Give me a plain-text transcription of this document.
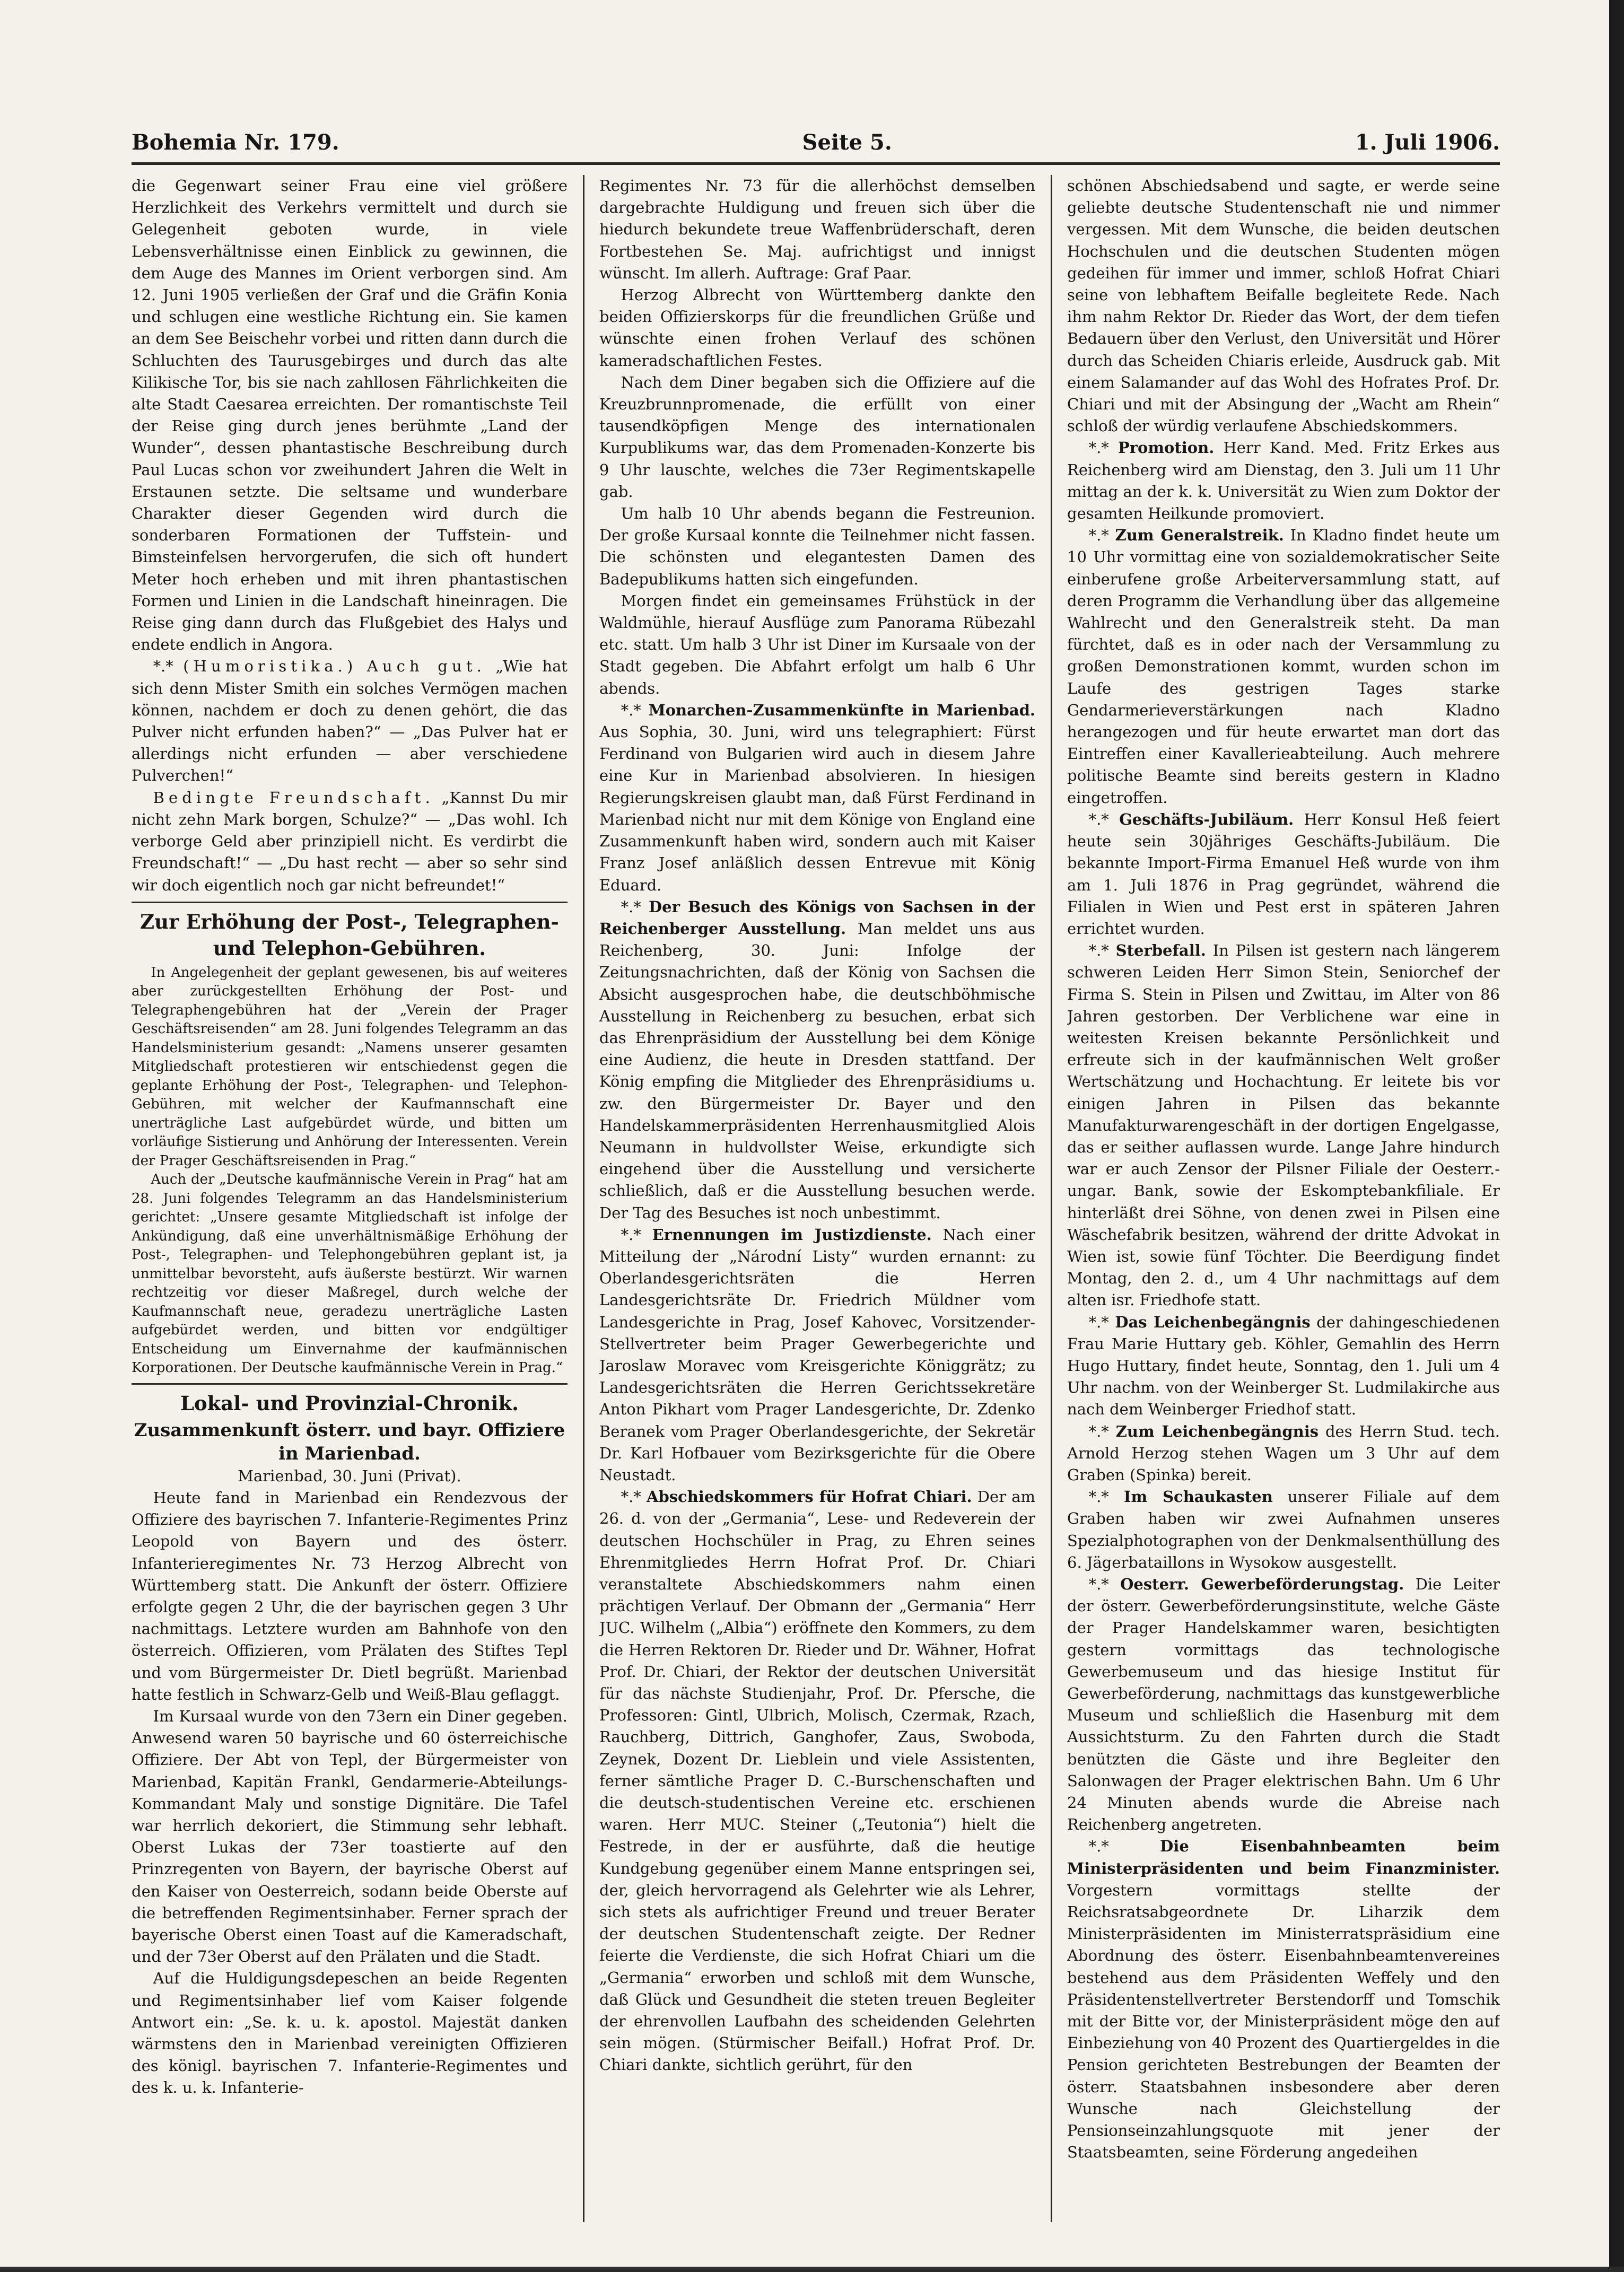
Bohemia Nr. 179.	Seite 5.	1. Juli 1906.

die Gegenwart seiner Frau eine viel größere Herzlichkeit des Verkehrs vermittelt und durch sie Gelegenheit geboten wurde, in viele Lebensverhältnisse einen Einblick zu gewinnen, die dem Auge des Mannes im Orient verborgen sind. Am 12. Juni 1905 verließen der Graf und die Gräfin Konia und schlugen eine westliche Richtung ein. Sie kamen an dem See Beischehr vorbei und ritten dann durch die Schluchten des Taurusgebirges und durch das alte Kilikische Tor, bis sie nach zahllosen Fährlichkeiten die alte Stadt Caesarea erreichten. Der romantischste Teil der Reise ging durch jenes berühmte „Land der Wunder“, dessen phantastische Beschreibung durch Paul Lucas schon vor zweihundert Jahren die Welt in Erstaunen setzte. Die seltsame und wunderbare Charakter dieser Gegenden wird durch die sonderbaren Formationen der Tuffstein- und Bimsteinfelsen hervorgerufen, die sich oft hundert Meter hoch erheben und mit ihren phantastischen Formen und Linien in die Landschaft hineinragen. Die Reise ging dann durch das Flußgebiet des Halys und endete endlich in Angora.

*.* (Humoristika.) Auch gut. „Wie hat sich denn Mister Smith ein solches Vermögen machen können, nachdem er doch zu denen gehört, die das Pulver nicht erfunden haben?“ — „Das Pulver hat er allerdings nicht erfunden — aber verschiedene Pulverchen!“

Bedingte Freundschaft. „Kannst Du mir nicht zehn Mark borgen, Schulze?“ — „Das wohl. Ich verborge Geld aber prinzipiell nicht. Es verdirbt die Freundschaft!“ — „Du hast recht — aber so sehr sind wir doch eigentlich noch gar nicht befreundet!“

Zur Erhöhung der Post-, Telegraphen- und Telephon-Gebühren.

In Angelegenheit der geplant gewesenen, bis auf weiteres aber zurückgestellten Erhöhung der Post- und Telegraphengebühren hat der „Verein der Prager Geschäftsreisenden“ am 28. Juni folgendes Telegramm an das Handelsministerium gesandt: „Namens unserer gesamten Mitgliedschaft protestieren wir entschiedenst gegen die geplante Erhöhung der Post-, Telegraphen- und Telephon-Gebühren, mit welcher der Kaufmannschaft eine unerträgliche Last aufgebürdet würde, und bitten um vorläufige Sistierung und Anhörung der Interessenten. Verein der Prager Geschäftsreisenden in Prag.“

Auch der „Deutsche kaufmännische Verein in Prag“ hat am 28. Juni folgendes Telegramm an das Handelsministerium gerichtet: „Unsere gesamte Mitgliedschaft ist infolge der Ankündigung, daß eine unverhältnismäßige Erhöhung der Post-, Telegraphen- und Telephongebühren geplant ist, ja unmittelbar bevorsteht, aufs äußerste bestürzt. Wir warnen rechtzeitig vor dieser Maßregel, durch welche der Kaufmannschaft neue, geradezu unerträgliche Lasten aufgebürdet werden, und bitten vor endgültiger Entscheidung um Einvernahme der kaufmännischen Korporationen. Der Deutsche kaufmännische Verein in Prag.“

Lokal- und Provinzial-Chronik.
Zusammenkunft österr. und bayr. Offiziere in Marienbad.

Marienbad, 30. Juni (Privat).

Heute fand in Marienbad ein Rendezvous der Offiziere des bayrischen 7. Infanterie-Regimentes Prinz Leopold von Bayern und des österr. Infanterieregimentes Nr. 73 Herzog Albrecht von Württemberg statt. Die Ankunft der österr. Offiziere erfolgte gegen 2 Uhr, die der bayrischen gegen 3 Uhr nachmittags. Letztere wurden am Bahnhofe von den österreich. Offizieren, vom Prälaten des Stiftes Tepl und vom Bürgermeister Dr. Dietl begrüßt. Marienbad hatte festlich in Schwarz-Gelb und Weiß-Blau geflaggt.

Im Kursaal wurde von den 73ern ein Diner gegeben. Anwesend waren 50 bayrische und 60 österreichische Offiziere. Der Abt von Tepl, der Bürgermeister von Marienbad, Kapitän Frankl, Gendarmerie-Abteilungs-Kommandant Maly und sonstige Dignitäre. Die Tafel war herrlich dekoriert, die Stimmung sehr lebhaft. Oberst Lukas der 73er toastierte auf den Prinzregenten von Bayern, der bayrische Oberst auf den Kaiser von Oesterreich, sodann beide Oberste auf die betreffenden Regimentsinhaber. Ferner sprach der bayerische Oberst einen Toast auf die Kameradschaft, und der 73er Oberst auf den Prälaten und die Stadt.

Auf die Huldigungsdepeschen an beide Regenten und Regimentsinhaber lief vom Kaiser folgende Antwort ein: „Se. k. u. k. apostol. Majestät danken wärmstens den in Marienbad vereinigten Offizieren des königl. bayrischen 7. Infanterie-Regimentes und des k. u. k. Infanterie-

Regimentes Nr. 73 für die allerhöchst demselben dargebrachte Huldigung und freuen sich über die hiedurch bekundete treue Waffenbrüderschaft, deren Fortbestehen Se. Maj. aufrichtigst und innigst wünscht. Im allerh. Auftrage: Graf Paar.

Herzog Albrecht von Württemberg dankte den beiden Offizierskorps für die freundlichen Grüße und wünschte einen frohen Verlauf des schönen kameradschaftlichen Festes.

Nach dem Diner begaben sich die Offiziere auf die Kreuzbrunnpromenade, die erfüllt von einer tausendköpfigen Menge des internationalen Kurpublikums war, das dem Promenaden-Konzerte bis 9 Uhr lauschte, welches die 73er Regimentskapelle gab.

Um halb 10 Uhr abends begann die Festreunion. Der große Kursaal konnte die Teilnehmer nicht fassen. Die schönsten und elegantesten Damen des Badepublikums hatten sich eingefunden.

Morgen findet ein gemeinsames Frühstück in der Waldmühle, hierauf Ausflüge zum Panorama Rübezahl etc. statt. Um halb 3 Uhr ist Diner im Kursaale von der Stadt gegeben. Die Abfahrt erfolgt um halb 6 Uhr abends.

*.* Monarchen-Zusammenkünfte in Marienbad. Aus Sophia, 30. Juni, wird uns telegraphiert: Fürst Ferdinand von Bulgarien wird auch in diesem Jahre eine Kur in Marienbad absolvieren. In hiesigen Regierungskreisen glaubt man, daß Fürst Ferdinand in Marienbad nicht nur mit dem Könige von England eine Zusammenkunft haben wird, sondern auch mit Kaiser Franz Josef anläßlich dessen Entrevue mit König Eduard.

*.* Der Besuch des Königs von Sachsen in der Reichenberger Ausstellung. Man meldet uns aus Reichenberg, 30. Juni: Infolge der Zeitungsnachrichten, daß der König von Sachsen die Absicht ausgesprochen habe, die deutschböhmische Ausstellung in Reichenberg zu besuchen, erbat sich das Ehrenpräsidium der Ausstellung bei dem Könige eine Audienz, die heute in Dresden stattfand. Der König empfing die Mitglieder des Ehrenpräsidiums u. zw. den Bürgermeister Dr. Bayer und den Handelskammerpräsidenten Herrenhausmitglied Alois Neumann in huldvollster Weise, erkundigte sich eingehend über die Ausstellung und versicherte schließlich, daß er die Ausstellung besuchen werde. Der Tag des Besuches ist noch unbestimmt.

*.* Ernennungen im Justizdienste. Nach einer Mitteilung der „Národní Listy“ wurden ernannt: zu Oberlandesgerichtsräten die Herren Landesgerichtsräte Dr. Friedrich Müldner vom Landesgerichte in Prag, Josef Kahovec, Vorsitzender-Stellvertreter beim Prager Gewerbegerichte und Jaroslaw Moravec vom Kreisgerichte Königgrätz; zu Landesgerichtsräten die Herren Gerichtssekretäre Anton Pikhart vom Prager Landesgerichte, Dr. Zdenko Beranek vom Prager Oberlandesgerichte, der Sekretär Dr. Karl Hofbauer vom Bezirksgerichte für die Obere Neustadt.

*.* Abschiedskommers für Hofrat Chiari. Der am 26. d. von der „Germania“, Lese- und Redeverein der deutschen Hochschüler in Prag, zu Ehren seines Ehrenmitgliedes Herrn Hofrat Prof. Dr. Chiari veranstaltete Abschiedskommers nahm einen prächtigen Verlauf. Der Obmann der „Germania“ Herr JUC. Wilhelm („Albia“) eröffnete den Kommers, zu dem die Herren Rektoren Dr. Rieder und Dr. Wähner, Hofrat Prof. Dr. Chiari, der Rektor der deutschen Universität für das nächste Studienjahr, Prof. Dr. Pfersche, die Professoren: Gintl, Ulbrich, Molisch, Czermak, Rzach, Rauchberg, Dittrich, Ganghofer, Zaus, Swoboda, Zeynek, Dozent Dr. Lieblein und viele Assistenten, ferner sämtliche Prager D. C.-Burschenschaften und die deutsch-studentischen Vereine etc. erschienen waren. Herr MUC. Steiner („Teutonia“) hielt die Festrede, in der er ausführte, daß die heutige Kundgebung gegenüber einem Manne entspringen sei, der, gleich hervorragend als Gelehrter wie als Lehrer, sich stets als aufrichtiger Freund und treuer Berater der deutschen Studentenschaft zeigte. Der Redner feierte die Verdienste, die sich Hofrat Chiari um die „Germania“ erworben und schloß mit dem Wunsche, daß Glück und Gesundheit die steten treuen Begleiter der ehrenvollen Laufbahn des scheidenden Gelehrten sein mögen. (Stürmischer Beifall.) Hofrat Prof. Dr. Chiari dankte, sichtlich gerührt, für den

schönen Abschiedsabend und sagte, er werde seine geliebte deutsche Studentenschaft nie und nimmer vergessen. Mit dem Wunsche, die beiden deutschen Hochschulen und die deutschen Studenten mögen gedeihen für immer und immer, schloß Hofrat Chiari seine von lebhaftem Beifalle begleitete Rede. Nach ihm nahm Rektor Dr. Rieder das Wort, der dem tiefen Bedauern über den Verlust, den Universität und Hörer durch das Scheiden Chiaris erleide, Ausdruck gab. Mit einem Salamander auf das Wohl des Hofrates Prof. Dr. Chiari und mit der Absingung der „Wacht am Rhein“ schloß der würdig verlaufene Abschiedskommers.

*.* Promotion. Herr Kand. Med. Fritz Erkes aus Reichenberg wird am Dienstag, den 3. Juli um 11 Uhr mittag an der k. k. Universität zu Wien zum Doktor der gesamten Heilkunde promoviert.

*.* Zum Generalstreik. In Kladno findet heute um 10 Uhr vormittag eine von sozialdemokratischer Seite einberufene große Arbeiterversammlung statt, auf deren Programm die Verhandlung über das allgemeine Wahlrecht und den Generalstreik steht. Da man fürchtet, daß es in oder nach der Versammlung zu großen Demonstrationen kommt, wurden schon im Laufe des gestrigen Tages starke Gendarmerieverstärkungen nach Kladno herangezogen und für heute erwartet man dort das Eintreffen einer Kavallerieabteilung. Auch mehrere politische Beamte sind bereits gestern in Kladno eingetroffen.

*.* Geschäfts-Jubiläum. Herr Konsul Heß feiert heute sein 30jähriges Geschäfts-Jubiläum. Die bekannte Import-Firma Emanuel Heß wurde von ihm am 1. Juli 1876 in Prag gegründet, während die Filialen in Wien und Pest erst in späteren Jahren errichtet wurden.

*.* Sterbefall. In Pilsen ist gestern nach längerem schweren Leiden Herr Simon Stein, Seniorchef der Firma S. Stein in Pilsen und Zwittau, im Alter von 86 Jahren gestorben. Der Verblichene war eine in weitesten Kreisen bekannte Persönlichkeit und erfreute sich in der kaufmännischen Welt großer Wertschätzung und Hochachtung. Er leitete bis vor einigen Jahren in Pilsen das bekannte Manufakturwarengeschäft in der dortigen Engelgasse, das er seither auflassen wurde. Lange Jahre hindurch war er auch Zensor der Pilsner Filiale der Oesterr.-ungar. Bank, sowie der Eskomptebankfiliale. Er hinterläßt drei Söhne, von denen zwei in Pilsen eine Wäschefabrik besitzen, während der dritte Advokat in Wien ist, sowie fünf Töchter. Die Beerdigung findet Montag, den 2. d., um 4 Uhr nachmittags auf dem alten isr. Friedhofe statt.

*.* Das Leichenbegängnis der dahingeschiedenen Frau Marie Huttary geb. Köhler, Gemahlin des Herrn Hugo Huttary, findet heute, Sonntag, den 1. Juli um 4 Uhr nachm. von der Weinberger St. Ludmilakirche aus nach dem Weinberger Friedhof statt.

*.* Zum Leichenbegängnis des Herrn Stud. tech. Arnold Herzog stehen Wagen um 3 Uhr auf dem Graben (Spinka) bereit.

*.* Im Schaukasten unserer Filiale auf dem Graben haben wir zwei Aufnahmen unseres Spezialphotographen von der Denkmalsenthüllung des 6. Jägerbataillons in Wysokow ausgestellt.

*.* Oesterr. Gewerbeförderungstag. Die Leiter der österr. Gewerbeförderungsinstitute, welche Gäste der Prager Handelskammer waren, besichtigten gestern vormittags das technologische Gewerbemuseum und das hiesige Institut für Gewerbeförderung, nachmittags das kunstgewerbliche Museum und schließlich die Hasenburg mit dem Aussichtsturm. Zu den Fahrten durch die Stadt benützten die Gäste und ihre Begleiter den Salonwagen der Prager elektrischen Bahn. Um 6 Uhr 24 Minuten abends wurde die Abreise nach Reichenberg angetreten.

*.* Die Eisenbahnbeamten beim Ministerpräsidenten und beim Finanzminister. Vorgestern vormittags stellte der Reichsratsabgeordnete Dr. Liharzik dem Ministerpräsidenten im Ministerratspräsidium eine Abordnung des österr. Eisenbahnbeamtenvereines bestehend aus dem Präsidenten Weffely und den Präsidentenstellvertreter Berstendorff und Tomschik mit der Bitte vor, der Ministerpräsident möge den auf Einbeziehung von 40 Prozent des Quartiergeldes in die Pension gerichteten Bestrebungen der Beamten der österr. Staatsbahnen insbesondere aber deren Wunsche nach Gleichstellung der Pensionseinzahlungsquote mit jener der Staatsbeamten, seine Förderung angedeihen
